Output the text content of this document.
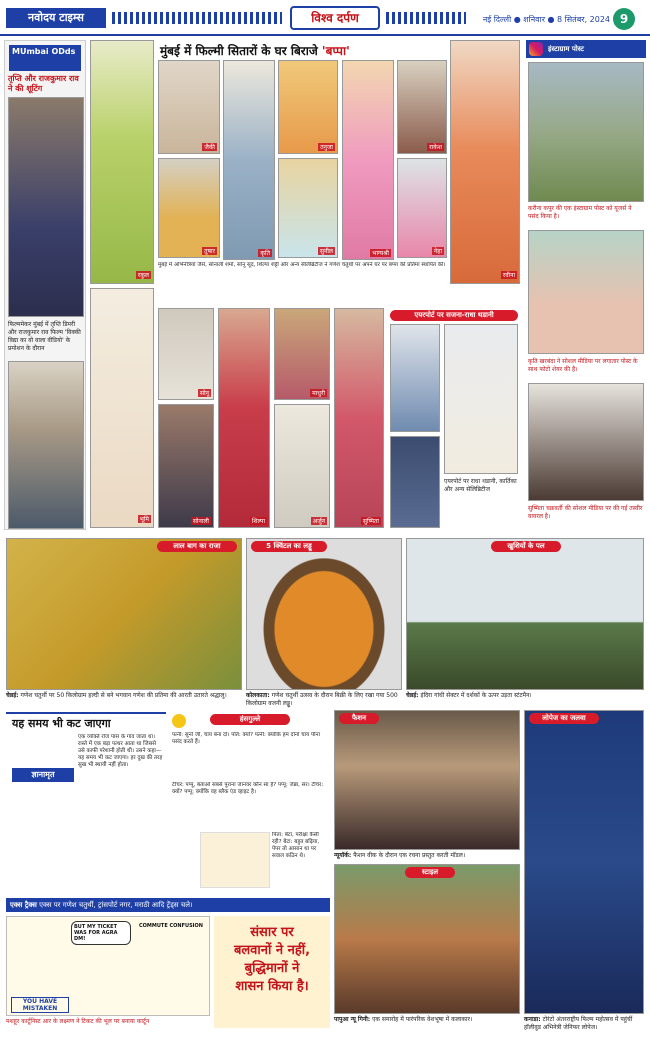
नवोदय टाइम्स	विश्व दर्पण	नई दिल्ली ● शनिवार ● 8 सितंबर, 2024 9
MUmbai ODds
तृप्ति और राजकुमार राव ने की शूटिंग
फिल्ममेकर मुंबई में तृप्ति डिमरी और राजकुमार राव फिल्म 'विक्की विद्या का वो वाला वीडियो' के प्रमोशन के दौरान
मुंबई में फिल्मी सितारों के घर बिराजे 'बप्पा'
रकुल
जैकी
कृति
तनुजा
भाग्यश्री
राकेश
रवीना
तुषार	सुनील	नेहा
मुंबई में अभिनेत्रियों जैसे, सोनाली शर्मा, सोनू सूद, शिल्पा शेट्टी और अन्य सेलिब्रिटीज ने गणेश चतुर्थी पर अपने घर पर बप्पा की प्रतिमा स्थापित की।
भूमि
सोनू
शिल्पा
माधुरी
सुष्मिता
सोनाली	अर्जुन
एयरपोर्ट पर सजना-राधा थडानी
एयरपोर्ट पर राधा थडानी, कार्तिका और अन्य सेलिब्रिटीज
इंस्टाग्राम पोस्ट
करीना कपूर की एक इंस्टाग्राम पोस्ट को यूजर्स ने पसंद किया है।
कृति खरबंदा ने सोशल मीडिया पर लगातार पोस्ट के साथ फोटो शेयर की है।
सुष्मिता चक्रवर्ती की सोशल मीडिया पर की गई तस्वीर वायरल है।
लाल बाग का राजा	5 क्विंटल का लड्डू	खुशियों के पल
चेन्नई: गणेश चतुर्थी पर 50 किलोग्राम हल्दी से बने भगवान गणेश की प्रतिमा की आरती उतारते श्रद्धालु।	कोलकाता: गणेश चतुर्थी उत्सव के दौरान बिक्री के लिए रखा गया 500 किलोग्राम वजनी लड्डू।
चेन्नई: इंदिरा गांधी सेक्टर में दर्शकों के ऊपर उड़ता स्टंटमैन।
यह समय भी कट जाएगा
ज्ञानामृत
एक व्यक्ति रोज पास के गांव जाता था। रास्ते में एक बड़ा पत्थर आता था जिससे उसे काफी परेशानी होती थी। उसने कहा—यह समय भी कट जाएगा। हर दुख की तरह सुख भी स्थायी नहीं होता।
हंसगुल्ले
पत्नी: सुनो जी, चाय बना दो। पति: क्यों? पत्नी: क्योंकि हम दोनों चाय पीना पसंद करते हैं।
टीचर: पप्पू, बताओ सबसे पुराना जानवर कौन सा है? पप्पू: जेब्रा, सर। टीचर: क्यों? पप्पू: क्योंकि वह ब्लैक एंड व्हाइट है।
पिता: बेटा, परीक्षा कैसी रही? बेटा: बहुत बढ़िया, पेपर तो आसान था पर सवाल कठिन थे।
फैशन
न्यूयॉर्क: फैशन वीक के दौरान एक रचना प्रस्तुत करती मॉडल।
स्टाइल
पापुआ न्यू गिनी: एक समारोह में पारंपरिक वेशभूषा में कलाकार।
लोपेज का जलवा
कनाडा: टोरंटो अंतरराष्ट्रीय फिल्म महोत्सव में पहुंचीं हॉलीवुड अभिनेत्री जेनिफर लोपेज।
एक्स ट्रैक्स एक्स पर गणेश चतुर्थी, ट्रांसपोर्ट नगर, मराठी आदि ट्रेंड्स चले।
BUT MY TICKET WAS FOR AGRA DM!
COMMUTE CONFUSION
YOU HAVE MISTAKEN
मशहूर कार्टूनिस्ट आर के लक्ष्मण ने टिकट की भूल पर बनाया कार्टून
संसार पर
बलवानों ने नहीं,
बुद्धिमानों ने
शासन किया है।
